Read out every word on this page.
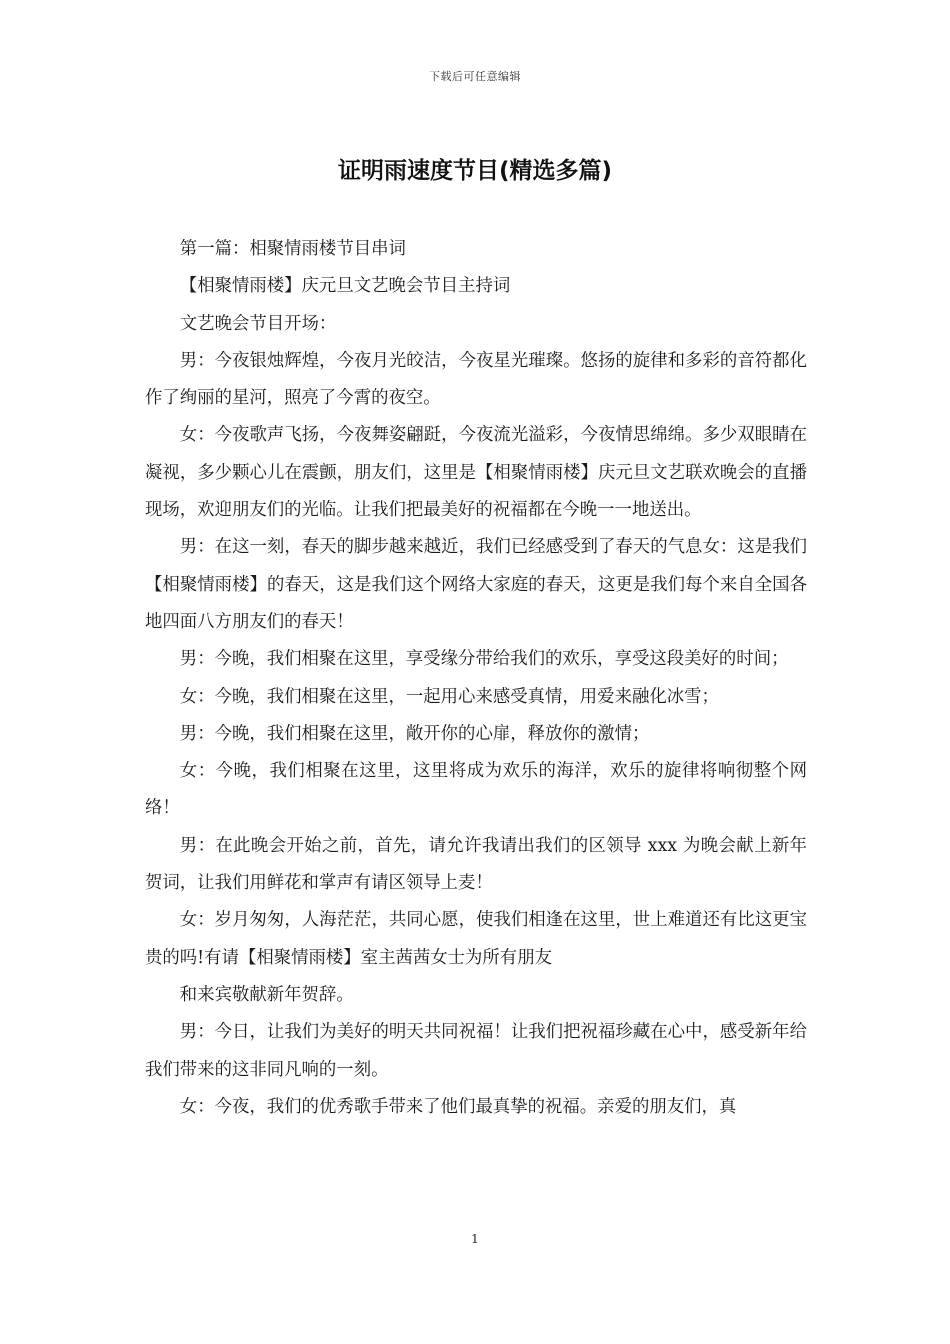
下载后可任意编辑
证明雨速度节目(精选多篇)

第一篇：相聚情雨楼节目串词

【相聚情雨楼】庆元旦文艺晚会节目主持词

文艺晚会节目开场：

男：今夜银烛辉煌，今夜月光皎洁，今夜星光璀璨。悠扬的旋律和多彩的音符都化作了绚丽的星河，照亮了今霄的夜空。

女：今夜歌声飞扬，今夜舞姿翩跹，今夜流光溢彩，今夜情思绵绵。多少双眼睛在凝视，多少颗心儿在震颤，朋友们，这里是【相聚情雨楼】庆元旦文艺联欢晚会的直播现场，欢迎朋友们的光临。让我们把最美好的祝福都在今晚一一地送出。

男：在这一刻，春天的脚步越来越近，我们已经感受到了春天的气息女：这是我们【相聚情雨楼】的春天，这是我们这个网络大家庭的春天，这更是我们每个来自全国各地四面八方朋友们的春天！

男：今晚，我们相聚在这里，享受缘分带给我们的欢乐，享受这段美好的时间；

女：今晚，我们相聚在这里，一起用心来感受真情，用爱来融化冰雪；

男：今晚，我们相聚在这里，敞开你的心扉，释放你的激情；

女：今晚，我们相聚在这里，这里将成为欢乐的海洋，欢乐的旋律将响彻整个网络！

男：在此晚会开始之前，首先，请允许我请出我们的区领导 xxx 为晚会献上新年贺词，让我们用鲜花和掌声有请区领导上麦！

女：岁月匆匆，人海茫茫，共同心愿，使我们相逢在这里，世上难道还有比这更宝贵的吗!有请【相聚情雨楼】室主茜茜女士为所有朋友

和来宾敬献新年贺辞。

男：今日，让我们为美好的明天共同祝福！让我们把祝福珍藏在心中，感受新年给我们带来的这非同凡响的一刻。

女：今夜，我们的优秀歌手带来了他们最真挚的祝福。亲爱的朋友们，真

1
